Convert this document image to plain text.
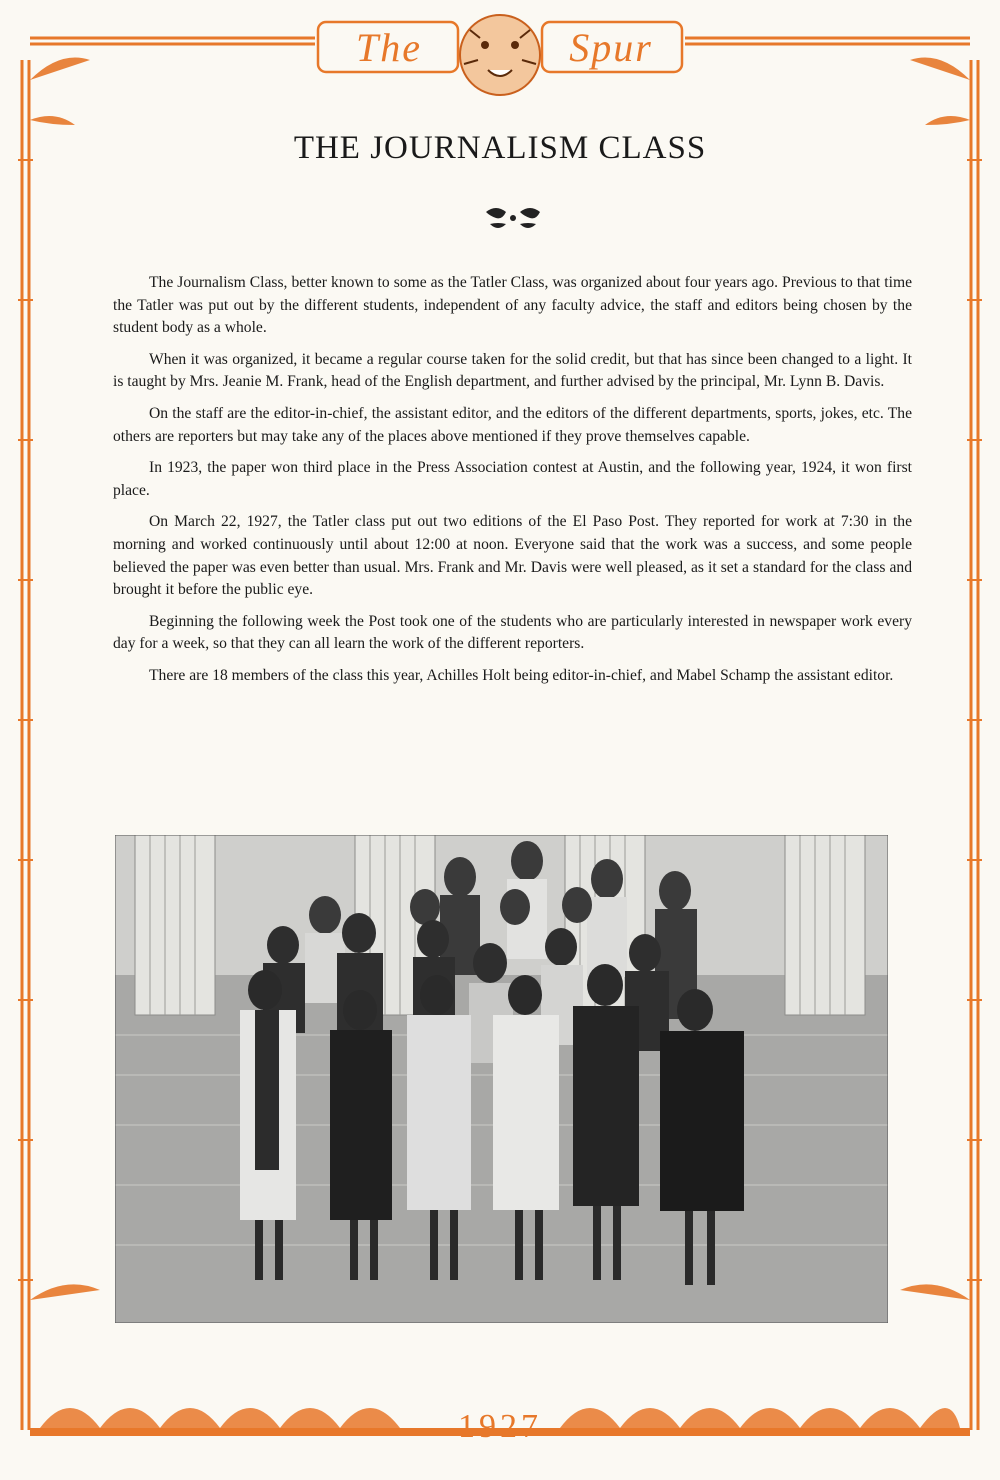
The	Spur
THE JOURNALISM CLASS

The Journalism Class, better known to some as the Tatler Class, was organized about four years ago. Previous to that time the Tatler was put out by the different students, independent of any faculty advice, the staff and editors being chosen by the student body as a whole.

When it was organized, it became a regular course taken for the solid credit, but that has since been changed to a light. It is taught by Mrs. Jeanie M. Frank, head of the English department, and further advised by the principal, Mr. Lynn B. Davis.

On the staff are the editor-in-chief, the assistant editor, and the editors of the different departments, sports, jokes, etc. The others are reporters but may take any of the places above mentioned if they prove themselves capable.

In 1923, the paper won third place in the Press Association contest at Austin, and the following year, 1924, it won first place.

On March 22, 1927, the Tatler class put out two editions of the El Paso Post. They reported for work at 7:30 in the morning and worked continuously until about 12:00 at noon. Everyone said that the work was a success, and some people believed the paper was even better than usual. Mrs. Frank and Mr. Davis were well pleased, as it set a standard for the class and brought it before the public eye.

Beginning the following week the Post took one of the students who are particularly interested in newspaper work every day for a week, so that they can all learn the work of the different reporters.

There are 18 members of the class this year, Achilles Holt being editor-in-chief, and Mabel Schamp the assistant editor.

1927
